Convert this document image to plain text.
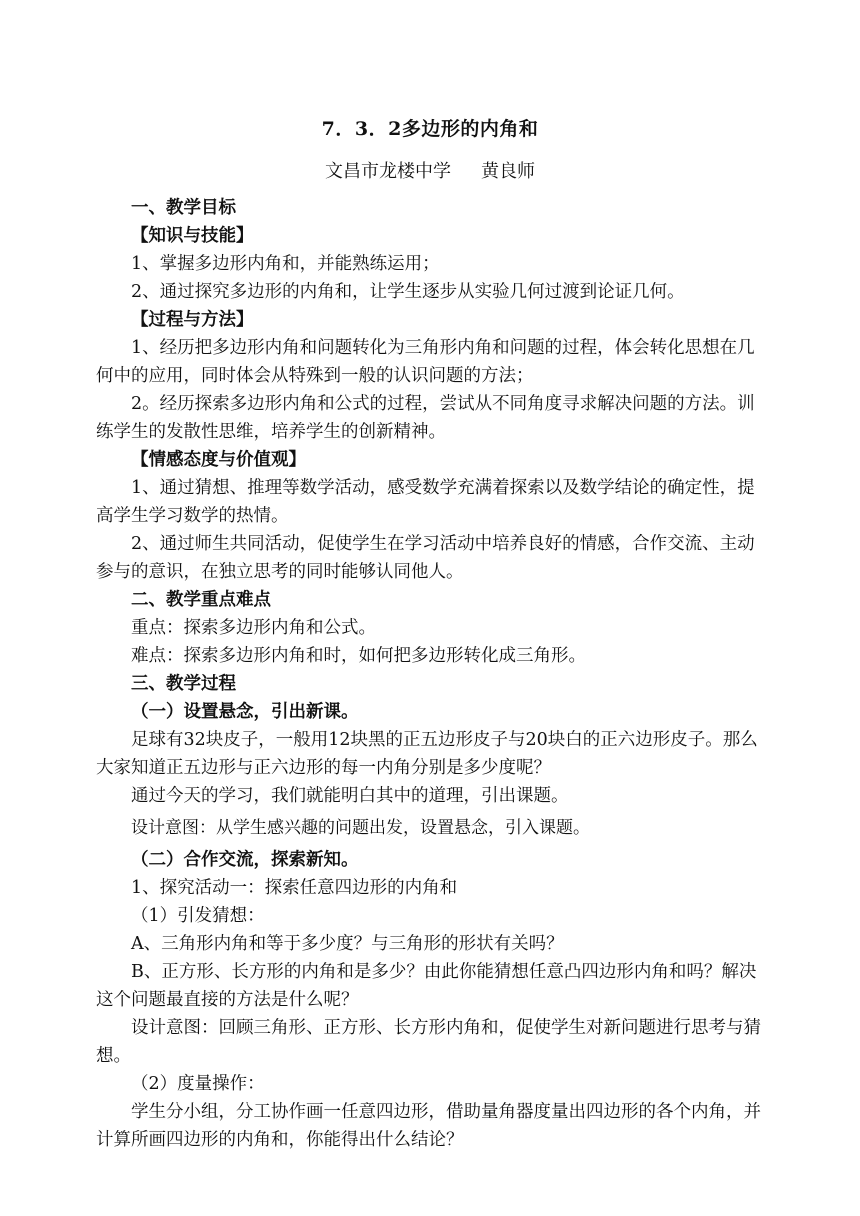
7．3．2多边形的内角和
文昌市龙楼中学 黄良师

一、教学目标

【知识与技能】

1、掌握多边形内角和，并能熟练运用；

2、通过探究多边形的内角和，让学生逐步从实验几何过渡到论证几何。

【过程与方法】

1、经历把多边形内角和问题转化为三角形内角和问题的过程，体会转化思想在几何中的应用，同时体会从特殊到一般的认识问题的方法；

2。经历探索多边形内角和公式的过程，尝试从不同角度寻求解决问题的方法。训练学生的发散性思维，培养学生的创新精神。

【情感态度与价值观】

1、通过猜想、推理等数学活动，感受数学充满着探索以及数学结论的确定性，提高学生学习数学的热情。

2、通过师生共同活动，促使学生在学习活动中培养良好的情感，合作交流、主动参与的意识，在独立思考的同时能够认同他人。

二、教学重点难点

重点：探索多边形内角和公式。

难点：探索多边形内角和时，如何把多边形转化成三角形。

三、教学过程

（一）设置悬念，引出新课。

足球有32块皮子，一般用12块黑的正五边形皮子与20块白的正六边形皮子。那么大家知道正五边形与正六边形的每一内角分别是多少度呢？

通过今天的学习，我们就能明白其中的道理，引出课题。

设计意图：从学生感兴趣的问题出发，设置悬念，引入课题。

（二）合作交流，探索新知。

1、探究活动一：探索任意四边形的内角和

（1）引发猜想：

A、三角形内角和等于多少度？与三角形的形状有关吗？

B、正方形、长方形的内角和是多少？由此你能猜想任意凸四边形内角和吗？解决这个问题最直接的方法是什么呢？

设计意图：回顾三角形、正方形、长方形内角和，促使学生对新问题进行思考与猜想。

（2）度量操作：

学生分小组，分工协作画一任意四边形，借助量角器度量出四边形的各个内角，并计算所画四边形的内角和，你能得出什么结论？
